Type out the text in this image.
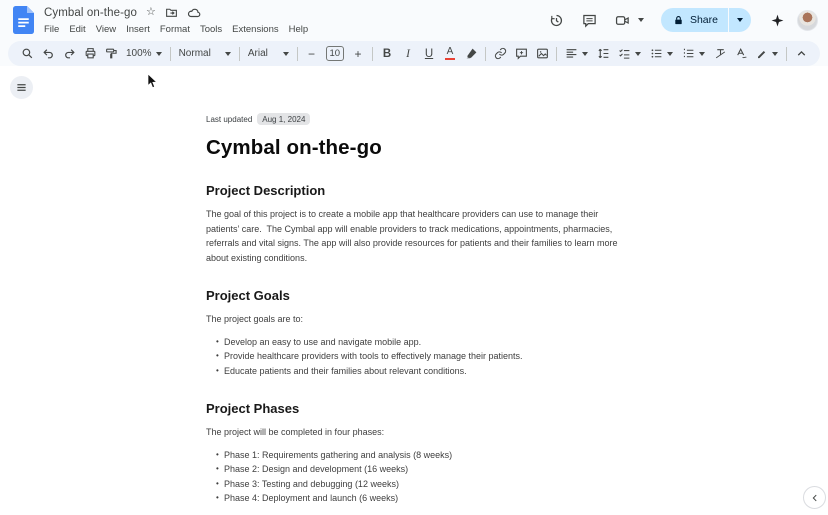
Cymbal on-the-go ☆
File	Edit	View	Insert	Format	Tools	Extensions	Help
Share
100%	Normal	Arial	−	10	+	B	I	U	A
Last updated	Aug 1, 2024
Cymbal on-the-go
Project Description

The goal of this project is to create a mobile app that healthcare providers can use to manage their patients’ care.  The Cymbal app will enable providers to track medications, appointments, pharmacies, referrals and vital signs. The app will also provide resources for patients and their families to learn more about existing conditions.

Project Goals

The project goals are to:

• Develop an easy to use and navigate mobile app.
• Provide healthcare providers with tools to effectively manage their patients.
• Educate patients and their families about relevant conditions.
Project Phases

The project will be completed in four phases:

• Phase 1: Requirements gathering and analysis (8 weeks)
• Phase 2: Design and development (16 weeks)
• Phase 3: Testing and debugging (12 weeks)
• Phase 4: Deployment and launch (6 weeks)
